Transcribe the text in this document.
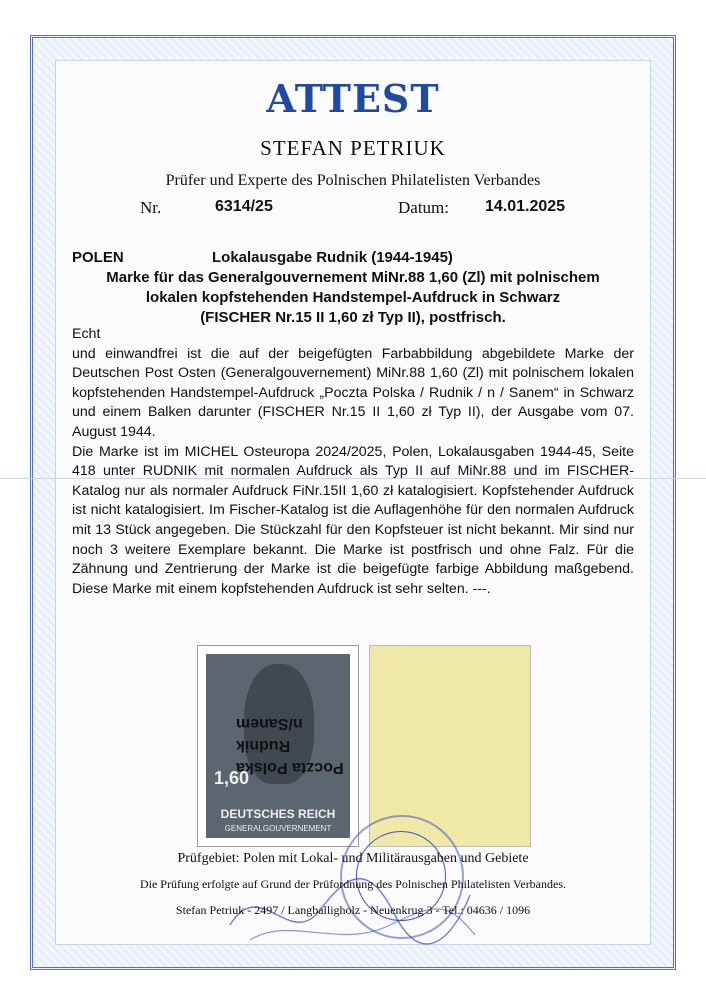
ATTEST
STEFAN PETRIUK
Prüfer und Experte des Polnischen Philatelisten Verbandes
Nr.	6314/25	Datum: 14.01.2025
POLEN	Lokalausgabe Rudnik (1944-1945)
Marke für das Generalgouvernement MiNr.88 1,60 (Zl) mit polnischem
lokalen kopfstehenden Handstempel-Aufdruck in Schwarz
(FISCHER Nr.15 II 1,60 zł Typ II), postfrisch.

Echt

und einwandfrei ist die auf der beigefügten Farbabbildung abgebildete Marke der Deutschen Post Osten (Generalgouvernement) MiNr.88 1,60 (Zl) mit polnischem lokalen kopfstehenden Handstempel-Aufdruck „Poczta Polska / Rudnik / n / Sanem“ in Schwarz und einem Balken darunter (FISCHER Nr.15 II 1,60 zł Typ II), der Ausgabe vom 07. August 1944.

Die Marke ist im MICHEL Osteuropa 2024/2025, Polen, Lokalausgaben 1944-45, Seite 418 unter RUDNIK mit normalen Aufdruck als Typ II auf MiNr.88 und im FISCHER-Katalog nur als normaler Aufdruck FiNr.15II 1,60 zł katalogisiert. Kopfstehender Aufdruck ist nicht katalogisiert. Im Fischer-Katalog ist die Auflagenhöhe für den normalen Aufdruck mit 13 Stück angegeben. Die Stückzahl für den Kopfsteuer ist nicht bekannt. Mir sind nur noch 3 weitere Exemplare bekannt. Die Marke ist postfrisch und ohne Falz. Für die Zähnung und Zentrierung der Marke ist die beigefügte farbige Abbildung maßgebend. Diese Marke mit einem kopfstehenden Aufdruck ist sehr selten. ---.

n/Sanem
Rudnik
Poczta Polska
1,60
DEUTSCHES REICH
GENERALGOUVERNEMENT
Prüfgebiet: Polen mit Lokal- und Militärausgaben und Gebiete
Die Prüfung erfolgte auf Grund der Prüfordnung des Polnischen Philatelisten Verbandes.
Stefan Petriuk - 2497 / Langballigholz - Neuenkrug 3 - Tel.: 04636 / 1096
